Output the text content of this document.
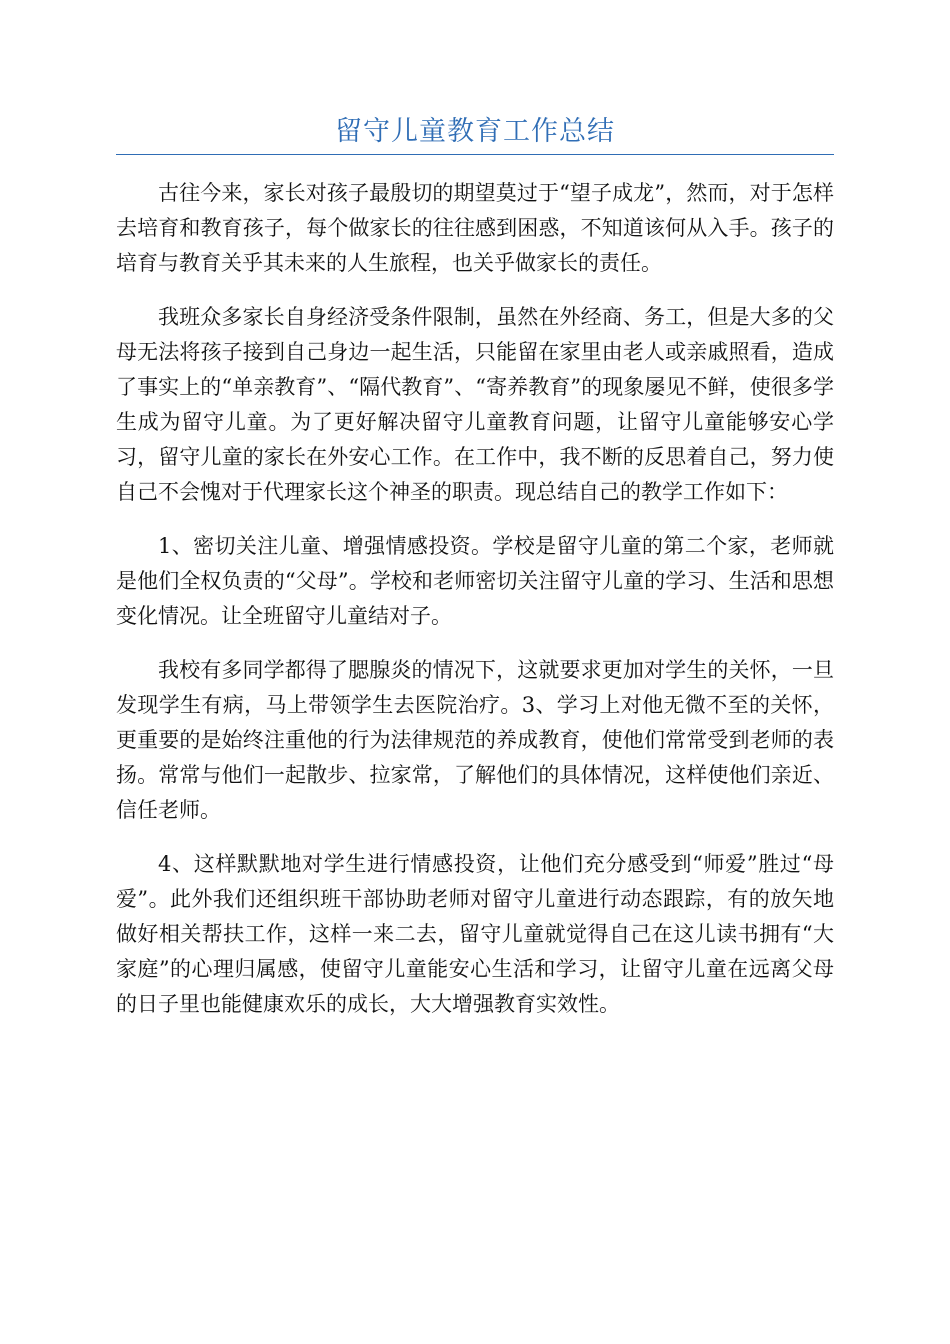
留守儿童教育工作总结

古往今来，家长对孩子最殷切的期望莫过于“望子成龙”，然而，对于怎样去培育和教育孩子，每个做家长的往往感到困惑，不知道该何从入手。孩子的培育与教育关乎其未来的人生旅程，也关乎做家长的责任。

我班众多家长自身经济受条件限制，虽然在外经商、务工，但是大多的父母无法将孩子接到自己身边一起生活，只能留在家里由老人或亲戚照看，造成了事实上的“单亲教育”、“隔代教育”、“寄养教育”的现象屡见不鲜，使很多学生成为留守儿童。为了更好解决留守儿童教育问题，让留守儿童能够安心学习，留守儿童的家长在外安心工作。在工作中，我不断的反思着自己，努力使自己不会愧对于代理家长这个神圣的职责。现总结自己的教学工作如下：

1、密切关注儿童、增强情感投资。学校是留守儿童的第二个家，老师就是他们全权负责的“父母”。学校和老师密切关注留守儿童的学习、生活和思想变化情况。让全班留守儿童结对子。

我校有多同学都得了腮腺炎的情况下，这就要求更加对学生的关怀，一旦发现学生有病，马上带领学生去医院治疗。3、学习上对他无微不至的关怀，更重要的是始终注重他的行为法律规范的养成教育，使他们常常受到老师的表扬。常常与他们一起散步、拉家常，了解他们的具体情况，这样使他们亲近、信任老师。

4、这样默默地对学生进行情感投资，让他们充分感受到“师爱”胜过“母爱”。此外我们还组织班干部协助老师对留守儿童进行动态跟踪，有的放矢地做好相关帮扶工作，这样一来二去，留守儿童就觉得自己在这儿读书拥有“大家庭”的心理归属感，使留守儿童能安心生活和学习，让留守儿童在远离父母的日子里也能健康欢乐的成长，大大增强教育实效性。
